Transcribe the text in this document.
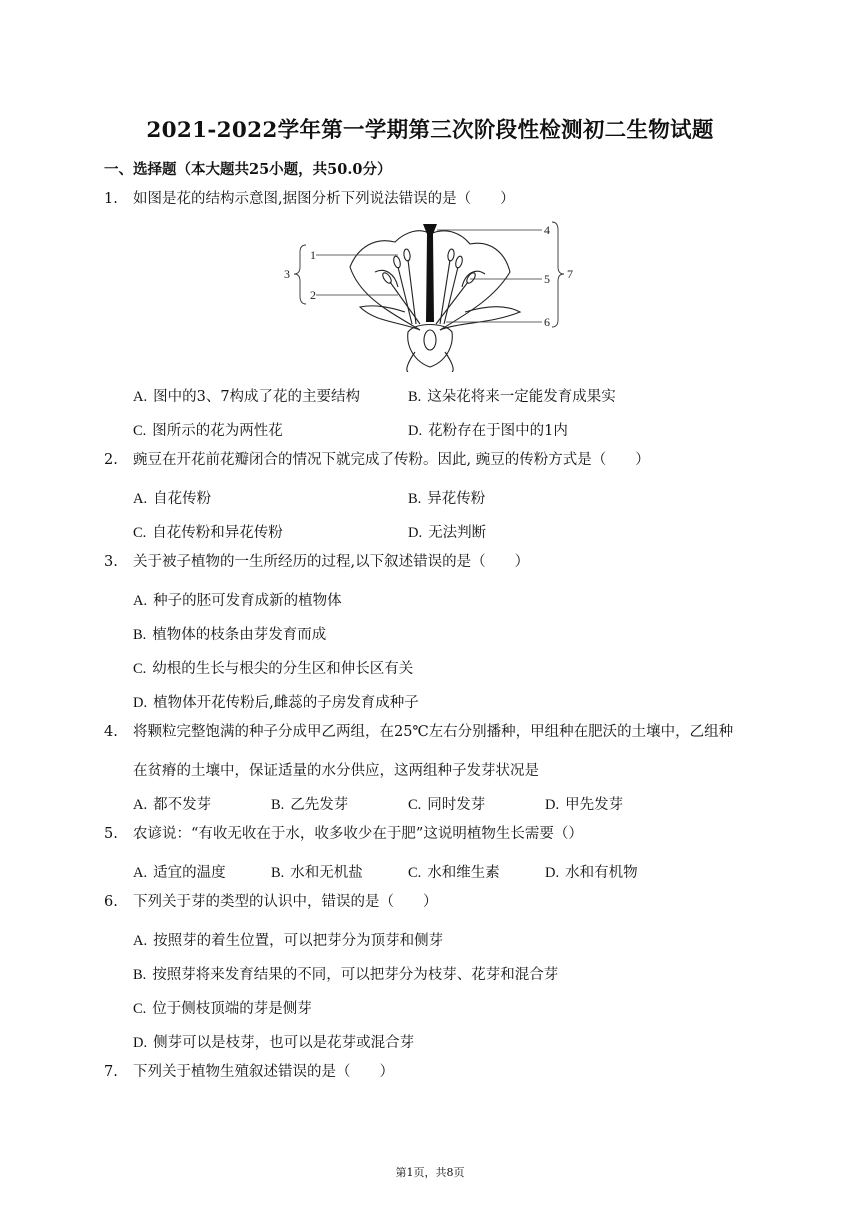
2021-2022学年第一学期第三次阶段性检测初二生物试题
一、选择题（本大题共25小题，共50.0分）
1. 如图是花的结构示意图,据图分析下列说法错误的是（　　）
1
2
3
4
5
6
7
A. 图中的3、7构成了花的主要结构	B. 这朵花将来一定能发育成果实
C. 图所示的花为两性花	D. 花粉存在于图中的1内
2. 豌豆在开花前花瓣闭合的情况下就完成了传粉。因此, 豌豆的传粉方式是（　　）
A. 自花传粉	B. 异花传粉
C. 自花传粉和异花传粉	D. 无法判断
3. 关于被子植物的一生所经历的过程,以下叙述错误的是（　　）
A. 种子的胚可发育成新的植物体
B. 植物体的枝条由芽发育而成
C. 幼根的生长与根尖的分生区和伸长区有关
D. 植物体开花传粉后,雌蕊的子房发育成种子
4. 将颗粒完整饱满的种子分成甲乙两组，在25℃左右分别播种，甲组种在肥沃的土壤中，乙组种
在贫瘠的土壤中，保证适量的水分供应，这两组种子发芽状况是
A. 都不发芽	B. 乙先发芽	C. 同时发芽	D. 甲先发芽
5. 农谚说：“有收无收在于水，收多收少在于肥”这说明植物生长需要（）
A. 适宜的温度	B. 水和无机盐	C. 水和维生素	D. 水和有机物
6. 下列关于芽的类型的认识中，错误的是（　　）
A. 按照芽的着生位置，可以把芽分为顶芽和侧芽
B. 按照芽将来发育结果的不同，可以把芽分为枝芽、花芽和混合芽
C. 位于侧枝顶端的芽是侧芽
D. 侧芽可以是枝芽，也可以是花芽或混合芽
7. 下列关于植物生殖叙述错误的是（　　）
第1页，共8页
